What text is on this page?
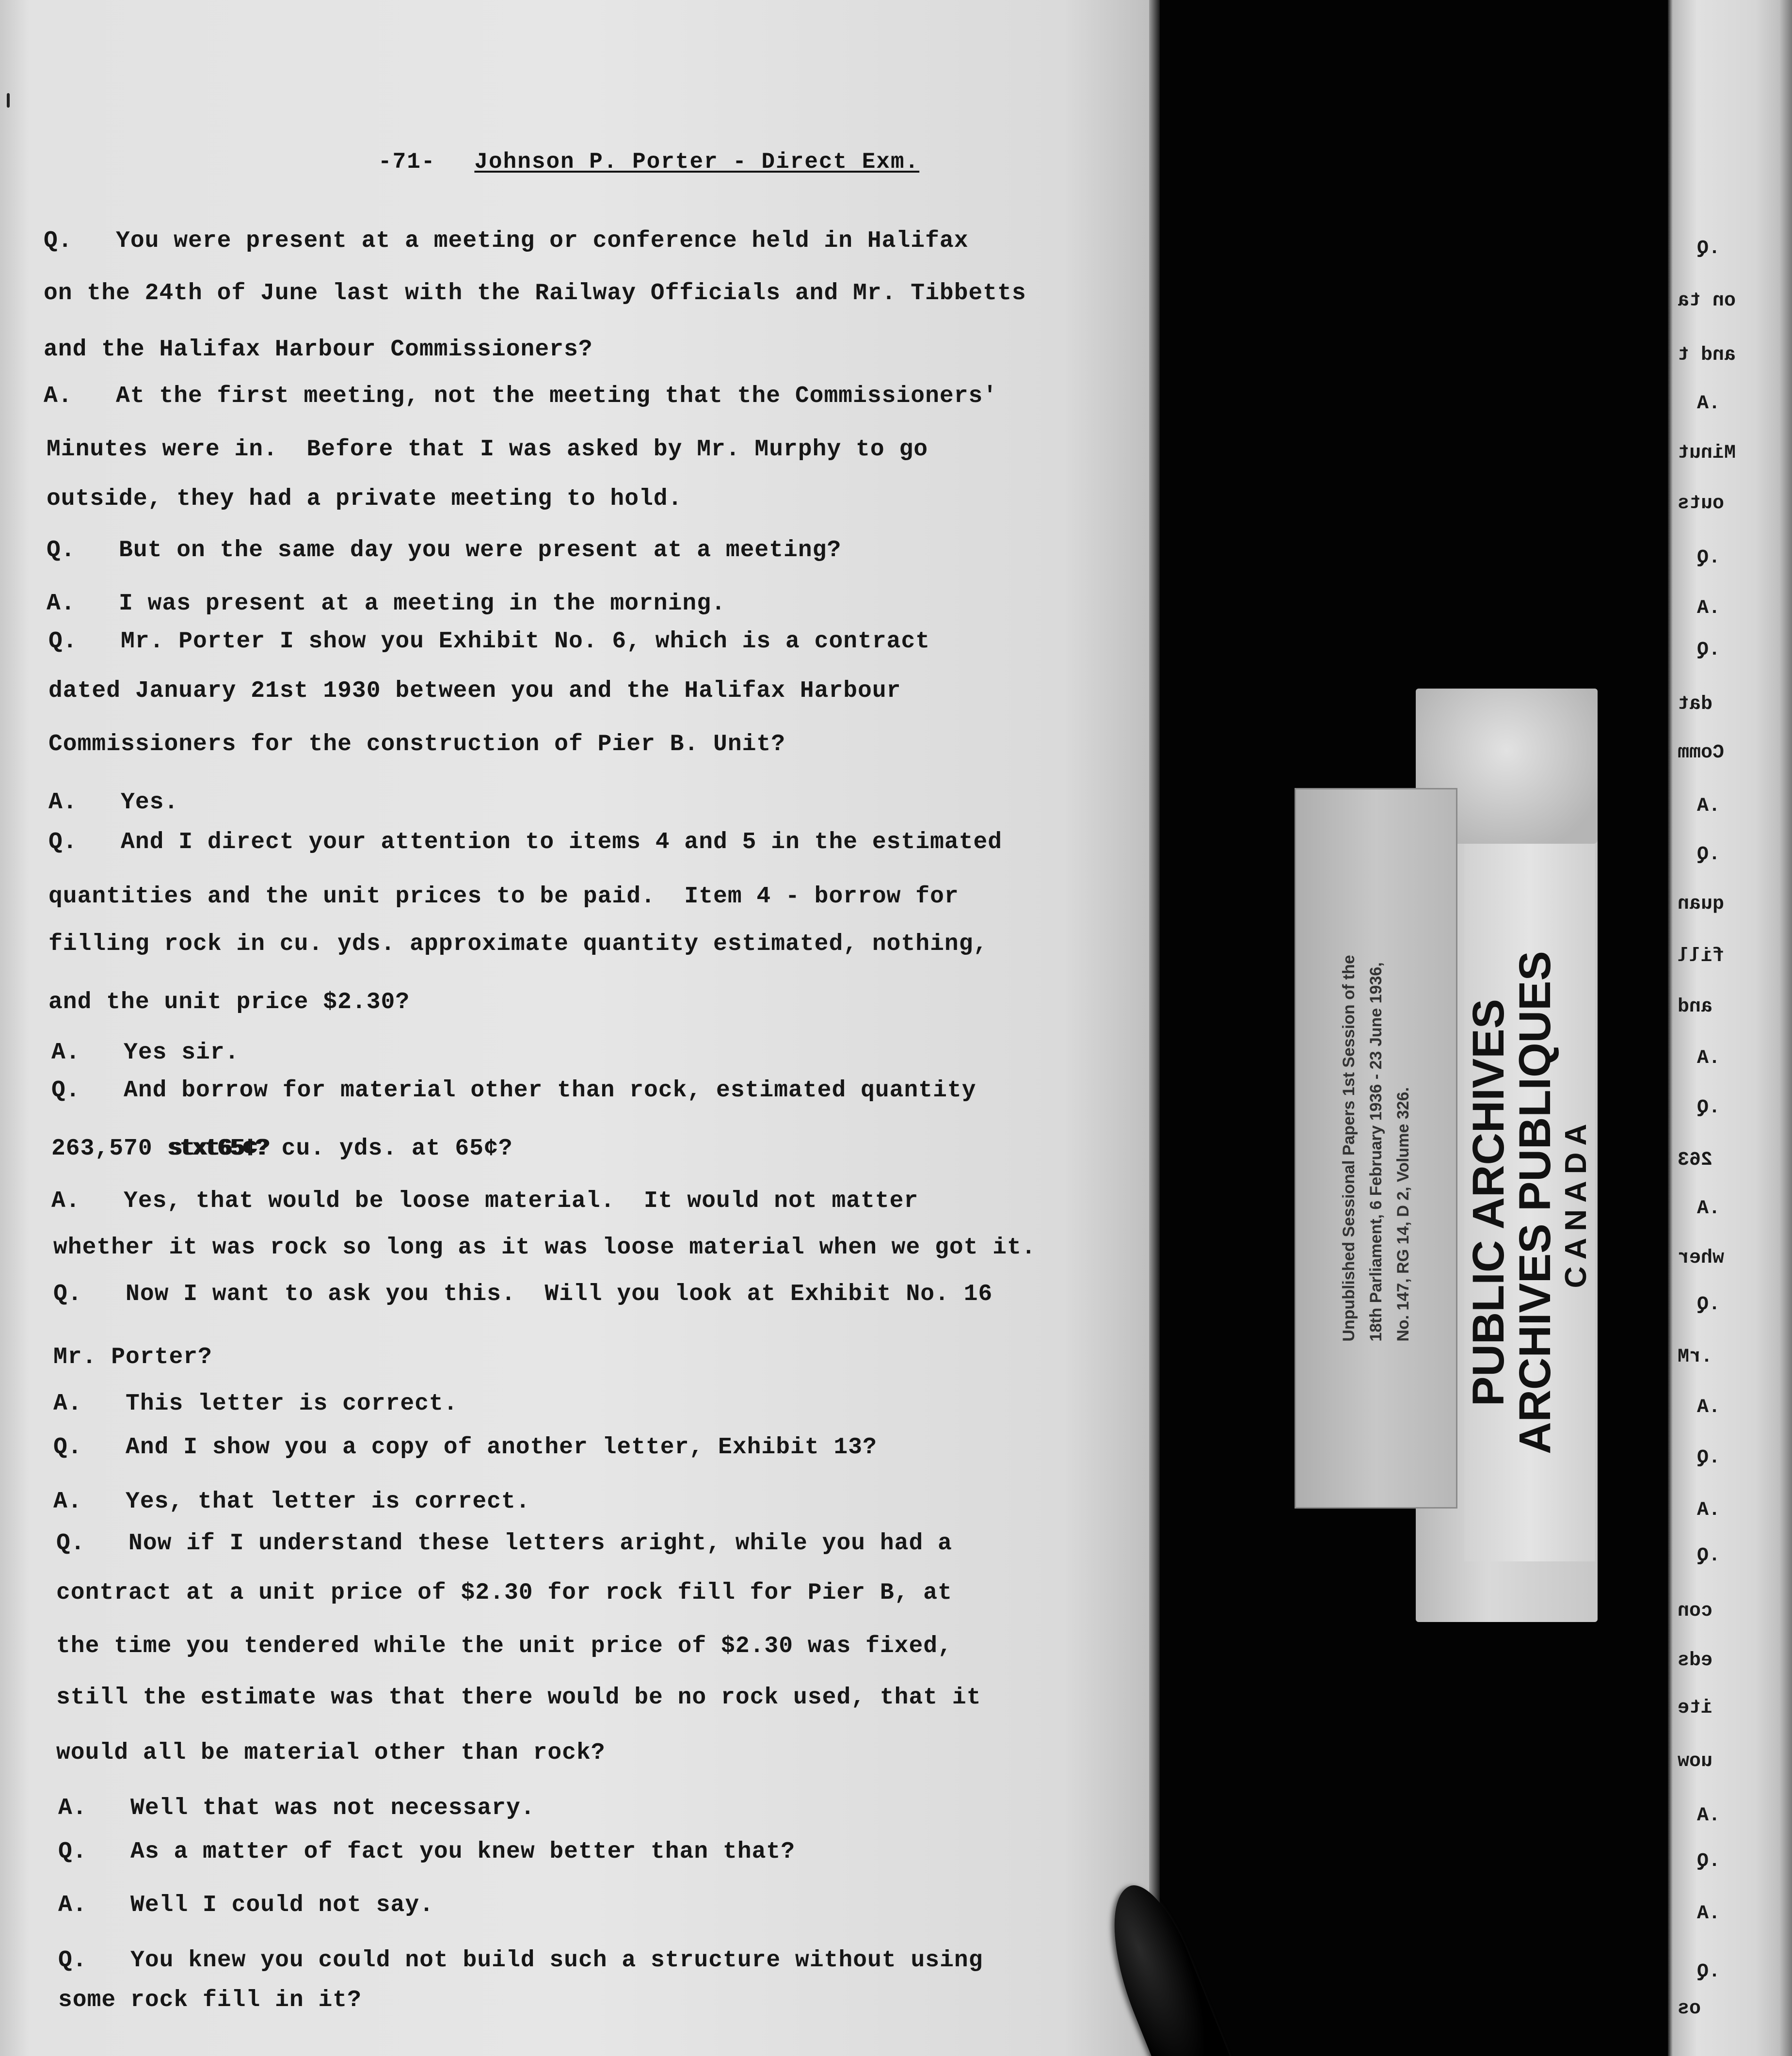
-71- Johnson P. Porter - Direct Exm.
Q.   You were present at a meeting or conference held in Halifax
on the 24th of June last with the Railway Officials and Mr. Tibbetts
and the Halifax Harbour Commissioners?
A.   At the first meeting, not the meeting that the Commissioners'
Minutes were in.  Before that I was asked by Mr. Murphy to go
outside, they had a private meeting to hold.
Q.   But on the same day you were present at a meeting?
A.   I was present at a meeting in the morning.
Q.   Mr. Porter I show you Exhibit No. 6, which is a contract
dated January 21st 1930 between you and the Halifax Harbour
Commissioners for the construction of Pier B. Unit?
A.   Yes.
Q.   And I direct your attention to items 4 and 5 in the estimated
quantities and the unit prices to be paid.  Item 4 - borrow for
filling rock in cu. yds. approximate quantity estimated, nothing,
and the unit price $2.30?
A.   Yes sir.
Q.   And borrow for material other than rock, estimated quantity
263,570 stxt65¢? cu. yds. at 65¢?
A.   Yes, that would be loose material.  It would not matter
whether it was rock so long as it was loose material when we got it.
Q.   Now I want to ask you this.  Will you look at Exhibit No. 16
Mr. Porter?
A.   This letter is correct.
Q.   And I show you a copy of another letter, Exhibit 13?
A.   Yes, that letter is correct.
Q.   Now if I understand these letters aright, while you had a
contract at a unit price of $2.30 for rock fill for Pier B, at
the time you tendered while the unit price of $2.30 was fixed,
still the estimate was that there would be no rock used, that it
would all be material other than rock?
A.   Well that was not necessary.
Q.   As a matter of fact you knew better than that?
A.   Well I could not say.
Q.   You knew you could not build such a structure without using
some rock fill in it?
Unpublished Sessional Papers 1st Session of the 18th Parliament, 6 February 1936 - 23 June 1936, No. 147, RG 14, D 2, Volume 326. PUBLIC ARCHIVES
ARCHIVES PUBLIQUES CANADA
.Q
on ta
and t
.A
Minut
outs
.Q
.A
.Q
dat
Comm
.A
.Q
quan
fill
and
.A
.Q
263
.A
wher
.Q
.rM
.A
.Q
.A
.Q
con
eds
ite
uow
.A
.Q
.A
.Q
os
